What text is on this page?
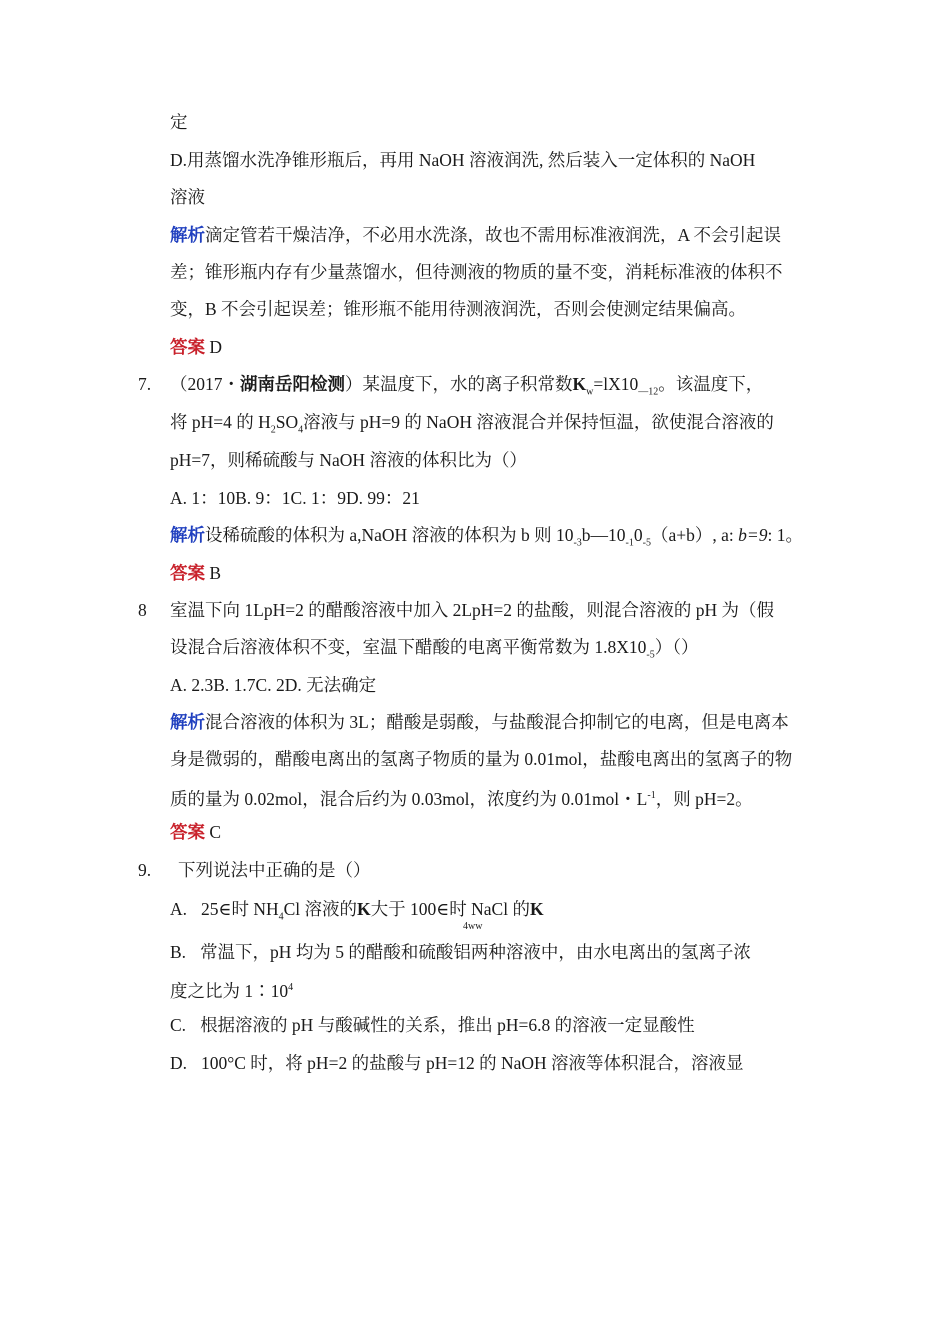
定
D.用蒸馏水洗净锥形瓶后，再用 NaOH 溶液润洗, 然后装入一定体积的 NaOH
溶液
解析滴定管若干燥洁净，不必用水洗涤，故也不需用标准液润洗，A 不会引起误
差；锥形瓶内存有少量蒸馏水，但待测液的物质的量不变，消耗标准液的体积不
变，B 不会引起误差；锥形瓶不能用待测液润洗，否则会使测定结果偏高。
答案 D
7. （2017・湖南岳阳检测）某温度下，水的离子积常数$K_w=lX10_{—12}$。该温度下，
将 pH=4 的 $H_2SO_4$溶液与 pH=9 的 NaOH 溶液混合并保持恒温，欲使混合溶液的
pH=7，则稀硫酸与 NaOH 溶液的体积比为（）
A. 1：10B. 9：1C. 1：9D. 99：21
解析设稀硫酸的体积为 a,NaOH 溶液的体积为 b 则 $10_{-3}b—10_{-1}0_{-5}(a+b)$, a: b=9: 1。
答案 B
8 室温下向 1LpH=2 的醋酸溶液中加入 2LpH=2 的盐酸，则混合溶液的 pH 为（假
设混合后溶液体积不变，室温下醋酸的电离平衡常数为 $1.8X10_{-5})()$
A. 2.3B. 1.7C. 2D. 无法确定
解析混合溶液的体积为 3L；醋酸是弱酸，与盐酸混合抑制它的电离，但是电离本
身是微弱的，醋酸电离出的氢离子物质的量为 0.01mol，盐酸电离出的氢离子的物
质的量为 0.02mol，混合后约为 0.03mol，浓度约为 0.01mol・$L^{-1}$，则 pH=2。
答案 C
9. 下列说法中正确的是（）
A. 25∈时 $NH_4Cl$ 溶液的K大于 100∈时 NaCl 的K
4ww
B. 常温下，pH 均为 5 的醋酸和硫酸铝两种溶液中，由水电离出的氢离子浓
度之比为 $1∶10^4$
C. 根据溶液的 pH 与酸碱性的关系，推出 pH=6.8 的溶液一定显酸性
D. 100°C 时，将 pH=2 的盐酸与 pH=12 的 NaOH 溶液等体积混合，溶液显
